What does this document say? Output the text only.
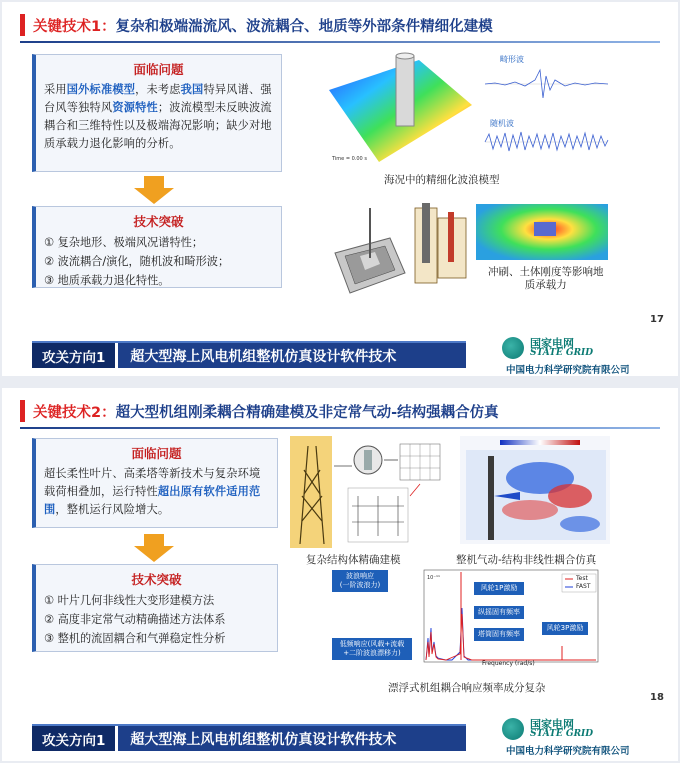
关键技术1： 复杂和极端湍流风、波流耦合、地质等外部条件精细化建模
面临问题
采用国外标准模型，未考虑我国特异风谱、强台风等独特风资源特性；波流模型未反映波流耦合和三维特性以及极端海况影响；缺少对地质承载力退化影响的分析。
技术突破
① 复杂地形、极端风况谱特性；
② 波流耦合/演化，随机波和畸形波；
③ 地质承载力退化特性。
Time = 0.00 s
畸形波
随机波
海况中的精细化波浪模型
冲刷、土体刚度等影响地
质承载力
17
攻关方向1	超大型海上风电机组整机仿真设计软件技术
国家电网
STATE GRID
中国电力科学研究院有限公司
关键技术2： 超大型机组刚柔耦合精确建模及非定常气动-结构强耦合仿真
面临问题
超长柔性叶片、高柔塔等新技术与复杂环境载荷相叠加，运行特性超出原有软件适用范围，整机运行风险增大。
技术突破
① 叶片几何非线性大变形建模方法
② 高度非定常气动精确描述方法体系
③ 整机的流固耦合和气弹稳定性分析
复杂结构体精确建模	整机气动-结构非线性耦合仿真
10⁻¹¹	Test
FAST
Frequency (rad/s)
波浪响应
(一阶波浪力)	风轮1P激励
纵摇固有频率
塔筒固有频率
风轮3P激励
低频响应(风载+流载
+二阶波浪漂移力)
漂浮式机组耦合响应频率成分复杂
18
攻关方向1	超大型海上风电机组整机仿真设计软件技术
国家电网
STATE GRID
中国电力科学研究院有限公司
